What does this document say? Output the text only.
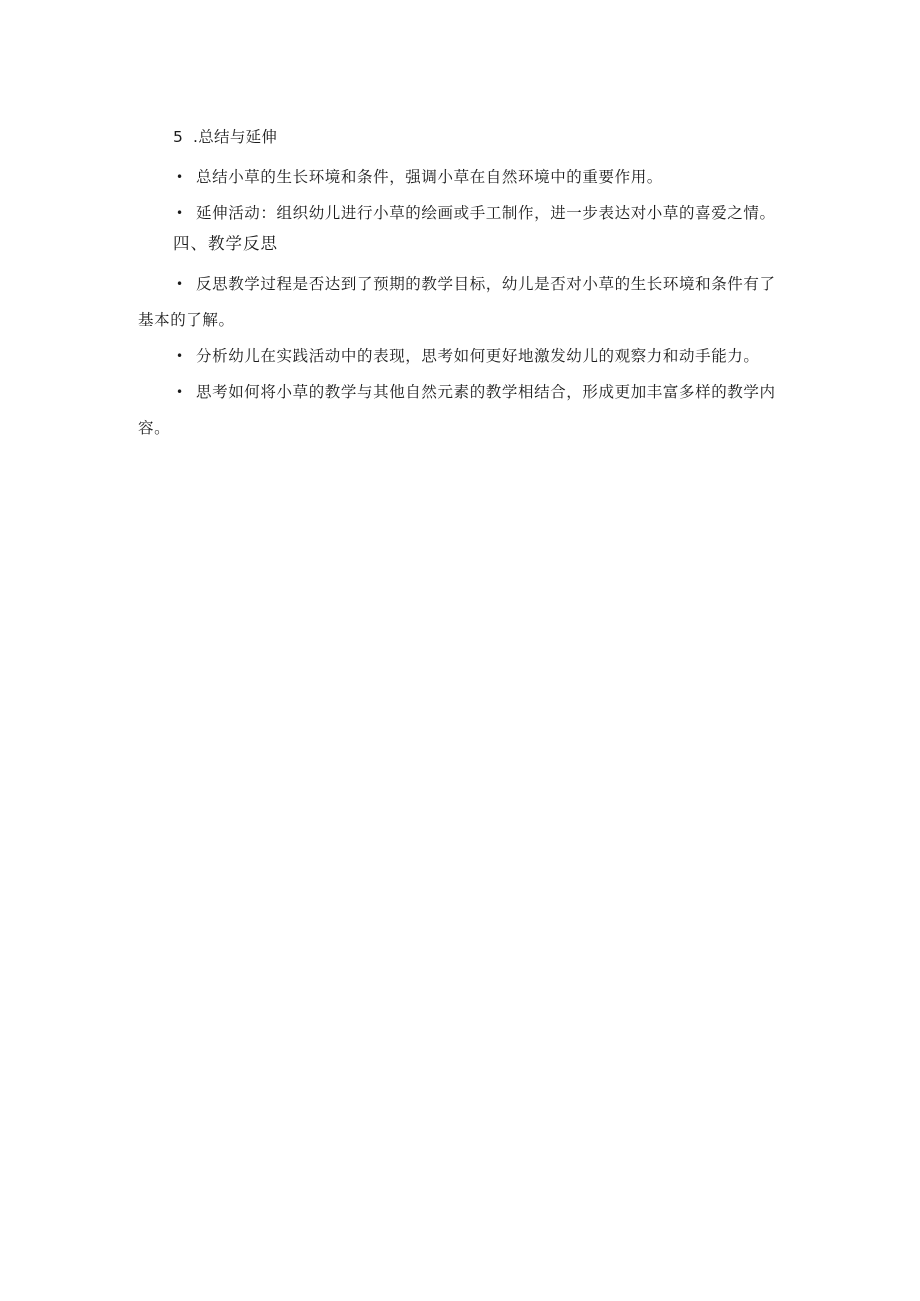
5 .总结与延伸
• 总结小草的生长环境和条件，强调小草在自然环境中的重要作用。
• 延伸活动：组织幼儿进行小草的绘画或手工制作，进一步表达对小草的喜爱之情。
四、教学反思
• 反思教学过程是否达到了预期的教学目标，幼儿是否对小草的生长环境和条件有了基本的了解。
• 分析幼儿在实践活动中的表现，思考如何更好地激发幼儿的观察力和动手能力。
• 思考如何将小草的教学与其他自然元素的教学相结合，形成更加丰富多样的教学内容。
